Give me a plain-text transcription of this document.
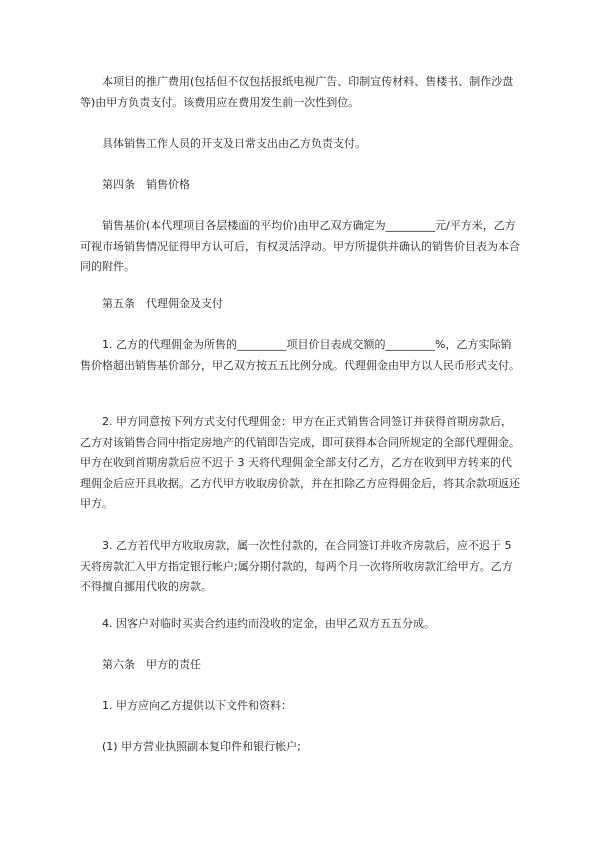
本项目的推广费用(包括但不仅包括报纸电视广告、印制宣传材料、售楼书、制作沙盘等)由甲方负责支付。该费用应在费用发生前一次性到位。

具体销售工作人员的开支及日常支出由乙方负责支付。

第四条　销售价格

销售基价(本代理项目各层楼面的平均价)由甲乙双方确定为_________元/平方米，乙方可视市场销售情况征得甲方认可后，有权灵活浮动。甲方所提供并确认的销售价目表为本合同的附件。

第五条　代理佣金及支付

1. 乙方的代理佣金为所售的_________项目价目表成交额的_________%，乙方实际销售价格超出销售基价部分，甲乙双方按五五比例分成。代理佣金由甲方以人民币形式支付。

2. 甲方同意按下列方式支付代理佣金：甲方在正式销售合同签订并获得首期房款后，乙方对该销售合同中指定房地产的代销即告完成，即可获得本合同所规定的全部代理佣金。甲方在收到首期房款后应不迟于 3 天将代理佣金全部支付乙方，乙方在收到甲方转来的代理佣金后应开具收据。乙方代甲方收取房价款，并在扣除乙方应得佣金后，将其余款项返还甲方。

3. 乙方若代甲方收取房款，属一次性付款的，在合同签订并收齐房款后，应不迟于 5 天将房款汇入甲方指定银行帐户;属分期付款的，每两个月一次将所收房款汇给甲方。乙方不得擅自挪用代收的房款。

4. 因客户对临时买卖合约违约而没收的定金，由甲乙双方五五分成。

第六条　甲方的责任

1. 甲方应向乙方提供以下文件和资料：

(1) 甲方营业执照副本复印件和银行帐户;
